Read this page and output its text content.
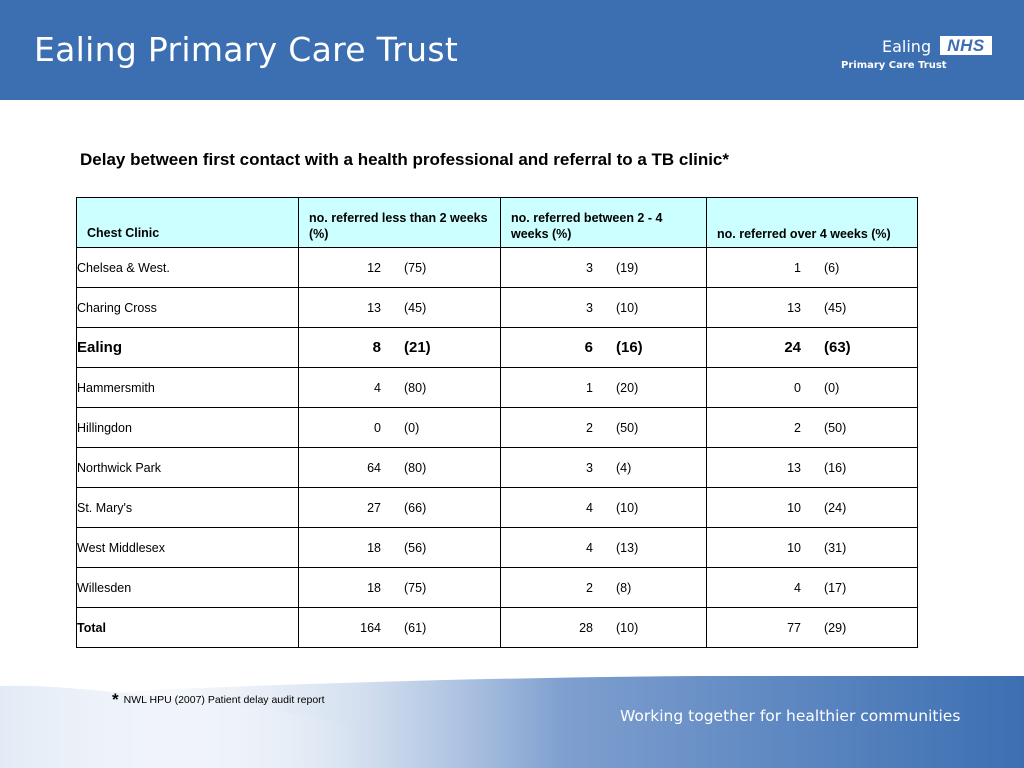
Ealing Primary Care Trust	Ealing NHS
Primary Care Trust
Delay between first contact with a health professional and referral to a TB clinic*
Chest Clinic	no. referred less than 2 weeks (%)	no. referred between 2 - 4 weeks (%)	no. referred over 4 weeks (%)
Chelsea & West.	12 (75)	3 (19)	1 (6)

Charing Cross	13 (45)	3 (10)	13 (45)

Ealing	8 (21)	6 (16)	24 (63)

Hammersmith	4 (80)	1 (20)	0 (0)

Hillingdon	0 (0)	2 (50)	2 (50)

Northwick Park	64 (80)	3 (4)	13 (16)

St. Mary's	27 (66)	4 (10)	10 (24)

West Middlesex	18 (56)	4 (13)	10 (31)

Willesden	18 (75)	2 (8)	4 (17)

Total	164 (61)	28 (10)	77 (29)
* NWL HPU (2007) Patient delay audit report
Working together for healthier communities
